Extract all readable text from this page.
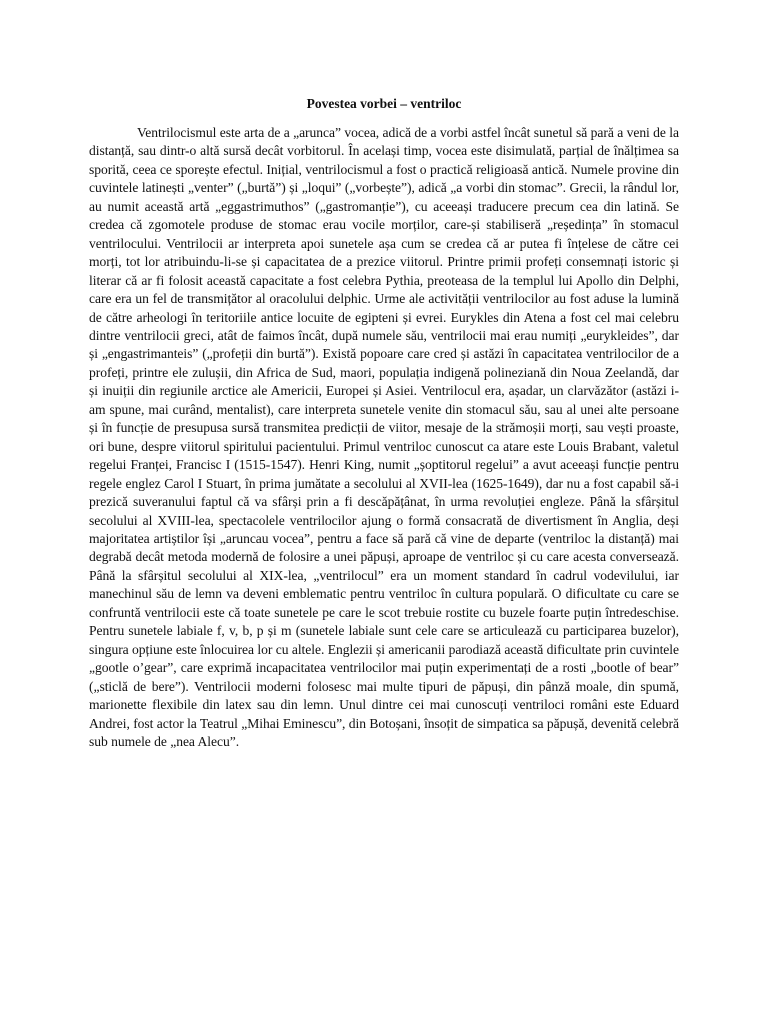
Povestea vorbei – ventriloc

Ventrilocismul este arta de a „arunca” vocea, adică de a vorbi astfel încât sunetul să pară a veni de la distanță, sau dintr-o altă sursă decât vorbitorul. În același timp, vocea este disimulată, parțial de înălțimea sa sporită, ceea ce sporește efectul. Inițial, ventrilocismul a fost o practică religioasă antică. Numele provine din cuvintele latinești „venter” („burtă”) și „loqui” („vorbește”), adică „a vorbi din stomac”. Grecii, la rândul lor, au numit această artă „eggastrimuthos” („gastromanție”), cu aceeași traducere precum cea din latină. Se credea că zgomotele produse de stomac erau vocile morților, care-și stabiliseră „reședința” în stomacul ventrilocului. Ventrilocii ar interpreta apoi sunetele așa cum se credea că ar putea fi înțelese de către cei morți, tot lor atribuindu-li-se și capacitatea de a prezice viitorul. Printre primii profeți consemnați istoric și literar că ar fi folosit această capacitate a fost celebra Pythia, preoteasa de la templul lui Apollo din Delphi, care era un fel de transmițător al oracolului delphic. Urme ale activității ventrilocilor au fost aduse la lumină de către arheologi în teritoriile antice locuite de egipteni și evrei. Eurykles din Atena a fost cel mai celebru dintre ventrilocii greci, atât de faimos încât, după numele său, ventrilocii mai erau numiți „eurykleides”, dar și „engastrimanteis” („profeții din burtă”). Există popoare care cred și astăzi în capacitatea ventrilocilor de a profeți, printre ele zulușii, din Africa de Sud, maori, populația indigenă polineziană din Noua Zeelandă, dar și inuiții din regiunile arctice ale Americii, Europei și Asiei. Ventrilocul era, așadar, un clarvăzător (astăzi i-am spune, mai curând, mentalist), care interpreta sunetele venite din stomacul său, sau al unei alte persoane și în funcție de presupusa sursă transmitea predicții de viitor, mesaje de la strămoșii morți, sau vești proaste, ori bune, despre viitorul spiritului pacientului. Primul ventriloc cunoscut ca atare este Louis Brabant, valetul regelui Franței, Francisc I (1515-1547). Henri King, numit „șoptitorul regelui” a avut aceeași funcție pentru regele englez Carol I Stuart, în prima jumătate a secolului al XVII-lea (1625-1649), dar nu a fost capabil să-i prezică suveranului faptul că va sfârși prin a fi descăpățânat, în urma revoluției engleze. Până la sfârșitul secolului al XVIII-lea, spectacolele ventrilocilor ajung o formă consacrată de divertisment în Anglia, deși majoritatea artiștilor își „aruncau vocea”, pentru a face să pară că vine de departe (ventriloc la distanță) mai degrabă decât metoda modernă de folosire a unei păpuși, aproape de ventriloc și cu care acesta conversează. Până la sfârșitul secolului al XIX-lea, „ventrilocul” era un moment standard în cadrul vodevilului, iar manechinul său de lemn va deveni emblematic pentru ventriloc în cultura populară. O dificultate cu care se confruntă ventrilocii este că toate sunetele pe care le scot trebuie rostite cu buzele foarte puțin întredeschise. Pentru sunetele labiale f, v, b, p și m (sunetele labiale sunt cele care se articulează cu participarea buzelor), singura opțiune este înlocuirea lor cu altele. Englezii și americanii parodiază această dificultate prin cuvintele „gootle o’gear”, care exprimă incapacitatea ventrilocilor mai puțin experimentați de a rosti „bootle of bear” („sticlă de bere”). Ventrilocii moderni folosesc mai multe tipuri de păpuși, din pânză moale, din spumă, marionette flexibile din latex sau din lemn. Unul dintre cei mai cunoscuți ventriloci români este Eduard Andrei, fost actor la Teatrul „Mihai Eminescu”, din Botoșani, însoțit de simpatica sa păpușă, devenită celebră sub numele de „nea Alecu”.
